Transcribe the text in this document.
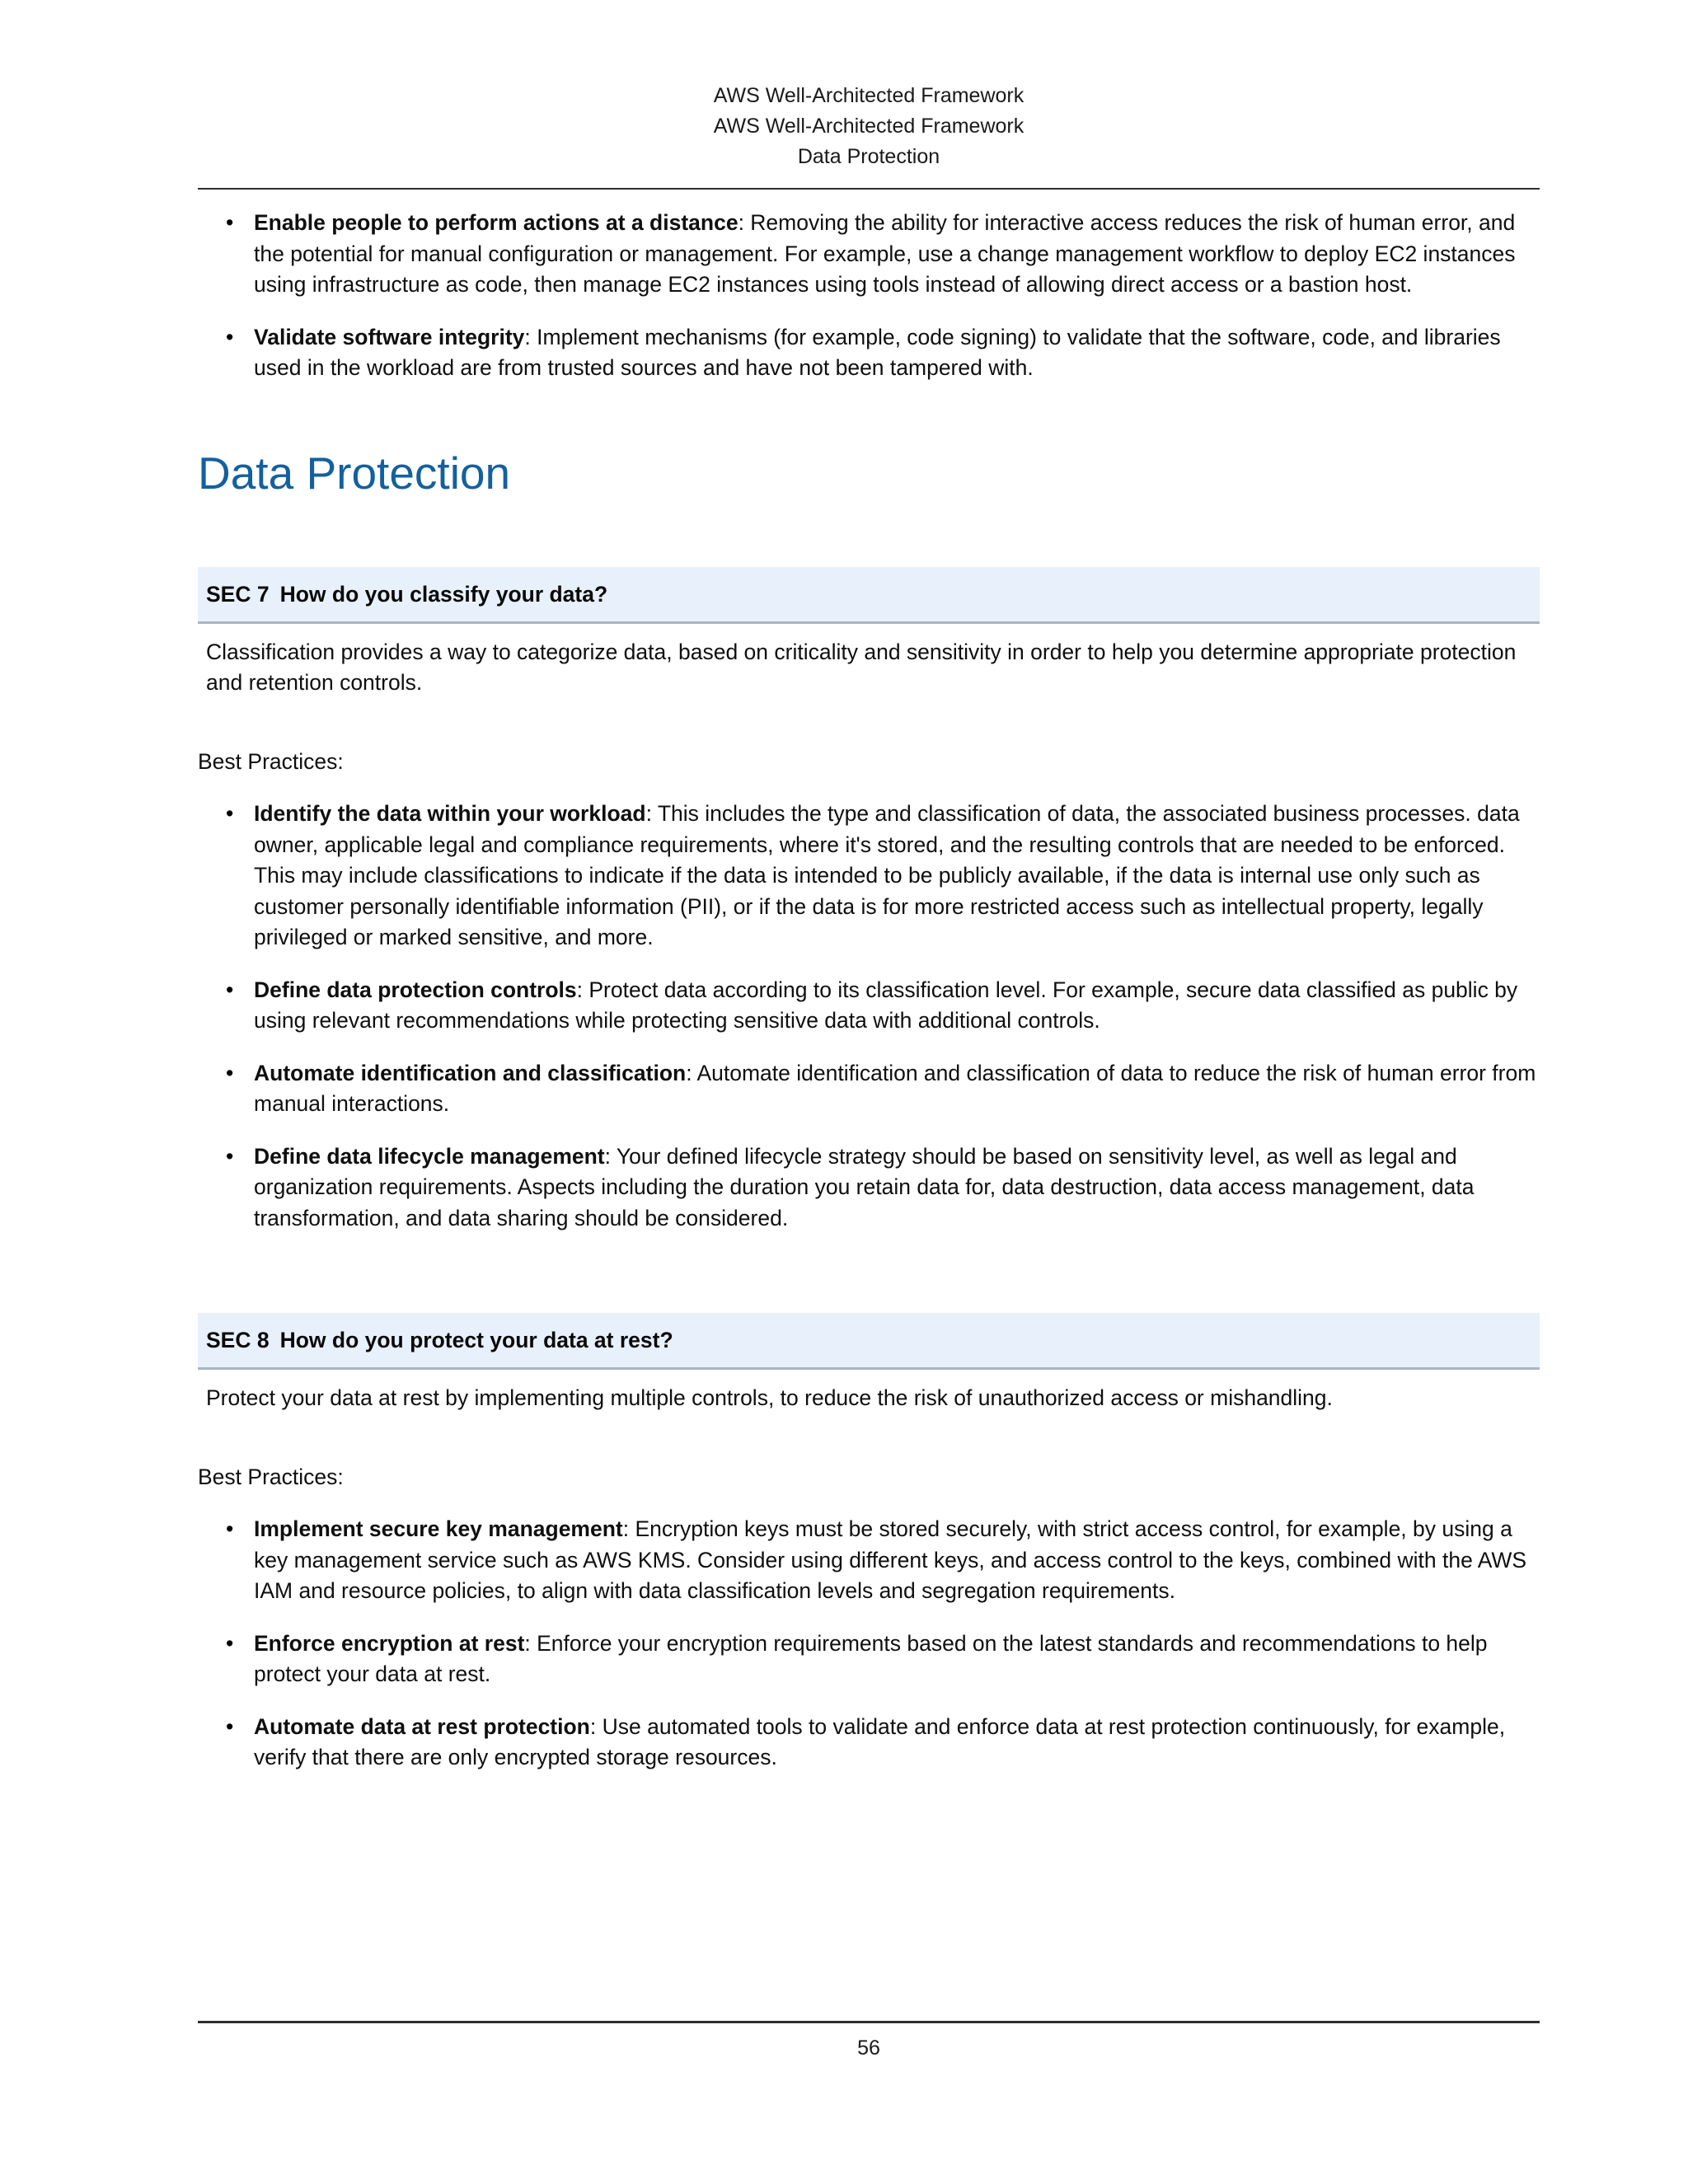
AWS Well-Architected Framework
AWS Well-Architected Framework
Data Protection
• Enable people to perform actions at a distance: Removing the ability for interactive access reduces the risk of human error, and the potential for manual configuration or management. For example, use a change management workflow to deploy EC2 instances using infrastructure as code, then manage EC2 instances using tools instead of allowing direct access or a bastion host.
• Validate software integrity: Implement mechanisms (for example, code signing) to validate that the software, code, and libraries used in the workload are from trusted sources and have not been tampered with.
Data Protection
SEC 7 How do you classify your data?
Classification provides a way to categorize data, based on criticality and sensitivity in order to help you determine appropriate protection and retention controls.
Best Practices:
• Identify the data within your workload: This includes the type and classification of data, the associated business processes. data owner, applicable legal and compliance requirements, where it's stored, and the resulting controls that are needed to be enforced. This may include classifications to indicate if the data is intended to be publicly available, if the data is internal use only such as customer personally identifiable information (PII), or if the data is for more restricted access such as intellectual property, legally privileged or marked sensitive, and more.
• Define data protection controls: Protect data according to its classification level. For example, secure data classified as public by using relevant recommendations while protecting sensitive data with additional controls.
• Automate identification and classification: Automate identification and classification of data to reduce the risk of human error from manual interactions.
• Define data lifecycle management: Your defined lifecycle strategy should be based on sensitivity level, as well as legal and organization requirements. Aspects including the duration you retain data for, data destruction, data access management, data transformation, and data sharing should be considered.
SEC 8 How do you protect your data at rest?
Protect your data at rest by implementing multiple controls, to reduce the risk of unauthorized access or mishandling.
Best Practices:
• Implement secure key management: Encryption keys must be stored securely, with strict access control, for example, by using a key management service such as AWS KMS. Consider using different keys, and access control to the keys, combined with the AWS IAM and resource policies, to align with data classification levels and segregation requirements.
• Enforce encryption at rest: Enforce your encryption requirements based on the latest standards and recommendations to help protect your data at rest.
• Automate data at rest protection: Use automated tools to validate and enforce data at rest protection continuously, for example, verify that there are only encrypted storage resources.
56
